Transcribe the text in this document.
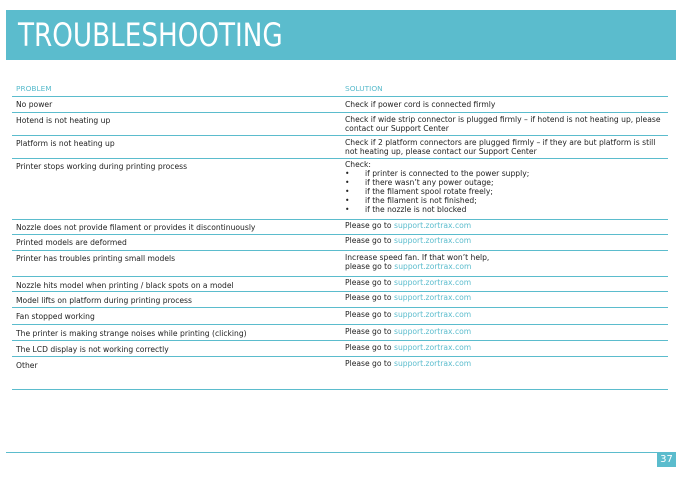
TROUBLESHOOTING
PROBLEM	SOLUTION
No power	Check if power cord is connected firmly
Hotend is not heating up	Check if wide strip connector is plugged firmly – if hotend is not heating up, please contact our Support Center
Platform is not heating up	Check if 2 platform connectors are plugged firmly – if they are but platform is still not heating up, please contact our Support Center
Printer stops working during printing process	Check:
• if printer is connected to the power supply;
• if there wasn’t any power outage;
• if the filament spool rotate freely;
• if the filament is not finished;
• if the nozzle is not blocked
Nozzle does not provide filament or provides it discontinuously	Please go to support.zortrax.com
Printed models are deformed	Please go to support.zortrax.com
Printer has troubles printing small models	Increase speed fan. If that won’t help,
please go to support.zortrax.com
Nozzle hits model when printing / black spots on a model	Please go to support.zortrax.com
Model lifts on platform during printing process	Please go to support.zortrax.com
Fan stopped working	Please go to support.zortrax.com
The printer is making strange noises while printing (clicking)	Please go to support.zortrax.com
The LCD display is not working correctly	Please go to support.zortrax.com
Other	Please go to support.zortrax.com
37
